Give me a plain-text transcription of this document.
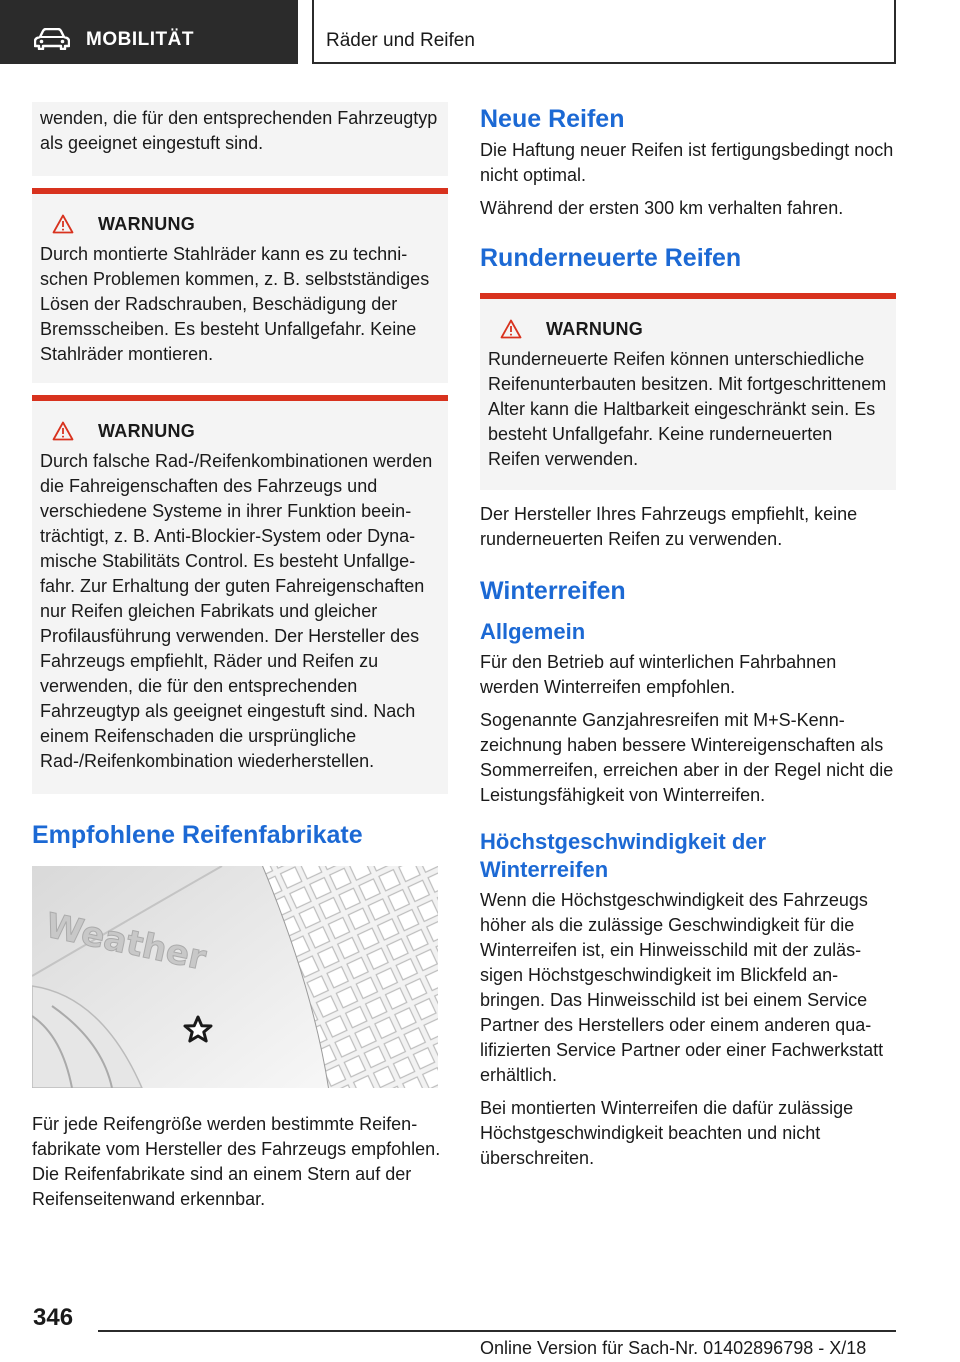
MOBILITÄT	Räder und Reifen

wenden, die für den entsprechenden Fahrzeugtyp als geeignet eingestuft sind.

WARNUNG

Durch montierte Stahlräder kann es zu technischen Problemen kommen, z. B. selbstständiges Lösen der Radschrauben, Beschädigung der Bremsscheiben. Es besteht Unfallgefahr. Keine Stahlräder montieren.

WARNUNG

Durch falsche Rad-/Reifenkombinationen werden die Fahreigenschaften des Fahrzeugs und verschiedene Systeme in ihrer Funktion beeinträchtigt, z. B. Anti-Blockier-System oder Dynamische Stabilitäts Control. Es besteht Unfallgefahr. Zur Erhaltung der guten Fahreigenschaften nur Reifen gleichen Fabrikats und gleicher Profilausführung verwenden. Der Hersteller des Fahrzeugs empfiehlt, Räder und Reifen zu verwenden, die für den entsprechenden Fahrzeugtyp als geeignet eingestuft sind. Nach einem Reifenschaden die ursprüngliche Rad-/Reifenkombination wiederherstellen.

Empfohlene Reifenfabrikate
Weather

Für jede Reifengröße werden bestimmte Reifenfabrikate vom Hersteller des Fahrzeugs empfohlen. Die Reifenfabrikate sind an einem Stern auf der Reifenseitenwand erkennbar.

Neue Reifen

Die Haftung neuer Reifen ist fertigungsbedingt noch nicht optimal.

Während der ersten 300 km verhalten fahren.

Runderneuerte Reifen
WARNUNG

Runderneuerte Reifen können unterschiedliche Reifenunterbauten besitzen. Mit fortgeschrittenem Alter kann die Haltbarkeit eingeschränkt sein. Es besteht Unfallgefahr. Keine runderneuerten Reifen verwenden.

Der Hersteller Ihres Fahrzeugs empfiehlt, keine runderneuerten Reifen zu verwenden.

Winterreifen
Allgemein

Für den Betrieb auf winterlichen Fahrbahnen werden Winterreifen empfohlen.

Sogenannte Ganzjahresreifen mit M+S-Kennzeichnung haben bessere Wintereigenschaften als Sommerreifen, erreichen aber in der Regel nicht die Leistungsfähigkeit von Winterreifen.

Höchstgeschwindigkeit der Winterreifen

Wenn die Höchstgeschwindigkeit des Fahrzeugs höher als die zulässige Geschwindigkeit für die Winterreifen ist, ein Hinweisschild mit der zulässigen Höchstgeschwindigkeit im Blickfeld anbringen. Das Hinweisschild ist bei einem Service Partner des Herstellers oder einem anderen qualifizierten Service Partner oder einer Fachwerkstatt erhältlich.

Bei montierten Winterreifen die dafür zulässige Höchstgeschwindigkeit beachten und nicht überschreiten.

346
Online Version für Sach-Nr. 01402896798 - X/18
